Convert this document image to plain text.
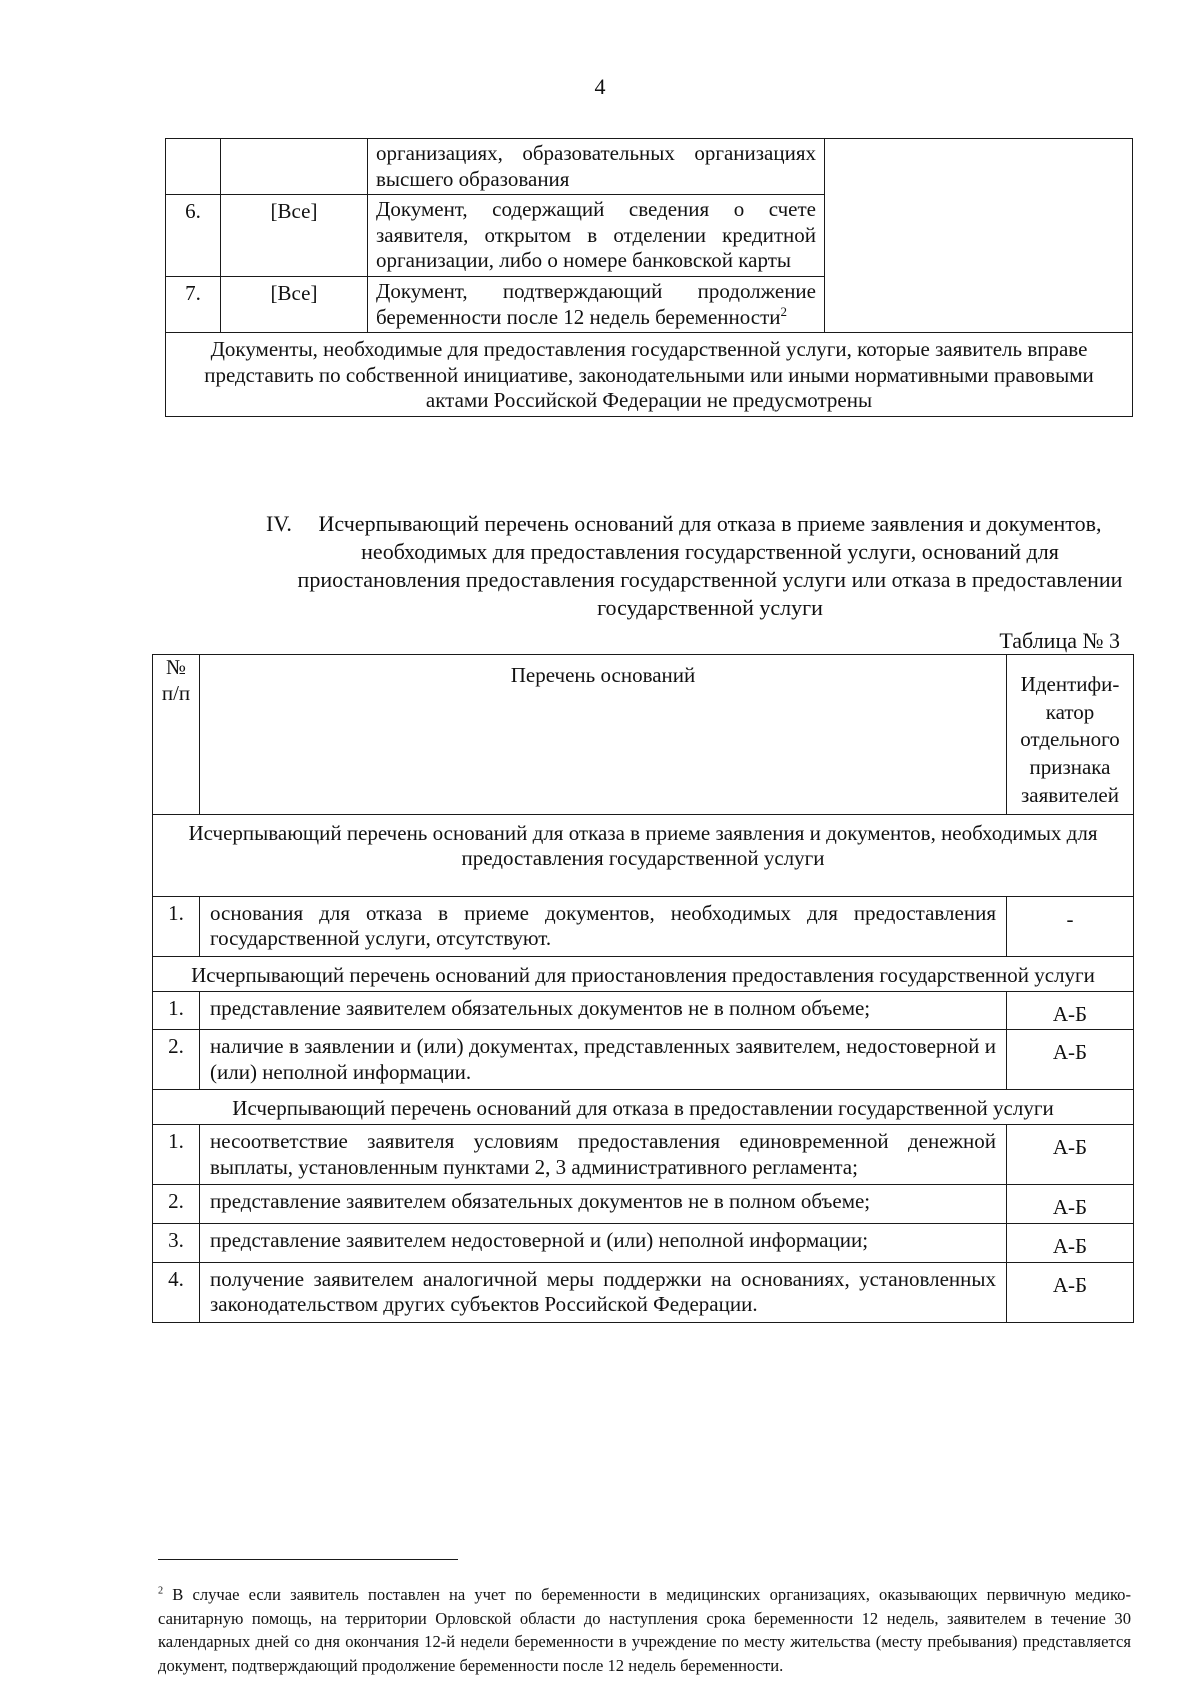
4
		организациях, образовательных организациях высшего образования	
6.	[Все]	Документ, содержащий сведения о счете заявителя, открытом в отделении кредитной организации, либо о номере банковской карты	
7.	[Все]	Документ, подтверждающий продолжение беременности после 12 недель беременности$^2$
Документы, необходимые для предоставления государственной услуги, которые заявитель вправе представить по собственной инициативе, законодательными или иными нормативными правовыми актами Российской Федерации не предусмотрены			
IV. Исчерпывающий перечень оснований для отказа в приеме заявления и документов, необходимых для предоставления государственной услуги, оснований для приостановления предоставления государственной услуги или отказа в предоставлении государственной услуги
Таблица № 3
№ п/п	Перечень оснований	Идентифи-катор отдельного признака заявителей
Исчерпывающий перечень оснований для отказа в приеме заявления и документов, необходимых для предоставления государственной услуги		
1.	основания для отказа в приеме документов, необходимых для предоставления государственной услуги, отсутствуют.	-
Исчерпывающий перечень оснований для приостановления предоставления государственной услуги		
1.	представление заявителем обязательных документов не в полном объеме;	А-Б
2.	наличие в заявлении и (или) документах, представленных заявителем, недостоверной и (или) неполной информации.	А-Б
Исчерпывающий перечень оснований для отказа в предоставлении государственной услуги		
1.	несоответствие заявителя условиям предоставления единовременной денежной выплаты, установленным пунктами 2, 3 административного регламента;	А-Б
2.	представление заявителем обязательных документов не в полном объеме;	А-Б
3.	представление заявителем недостоверной и (или) неполной информации;	А-Б
4.	получение заявителем аналогичной меры поддержки на основаниях, установленных законодательством других субъектов Российской Федерации.	А-Б
$^2$ В случае если заявитель поставлен на учет по беременности в медицинских организациях, оказывающих первичную медико-санитарную помощь, на территории Орловской области до наступления срока беременности 12 недель, заявителем в течение 30 календарных дней со дня окончания 12-й недели беременности в учреждение по месту жительства (месту пребывания) представляется документ, подтверждающий продолжение беременности после 12 недель беременности.
